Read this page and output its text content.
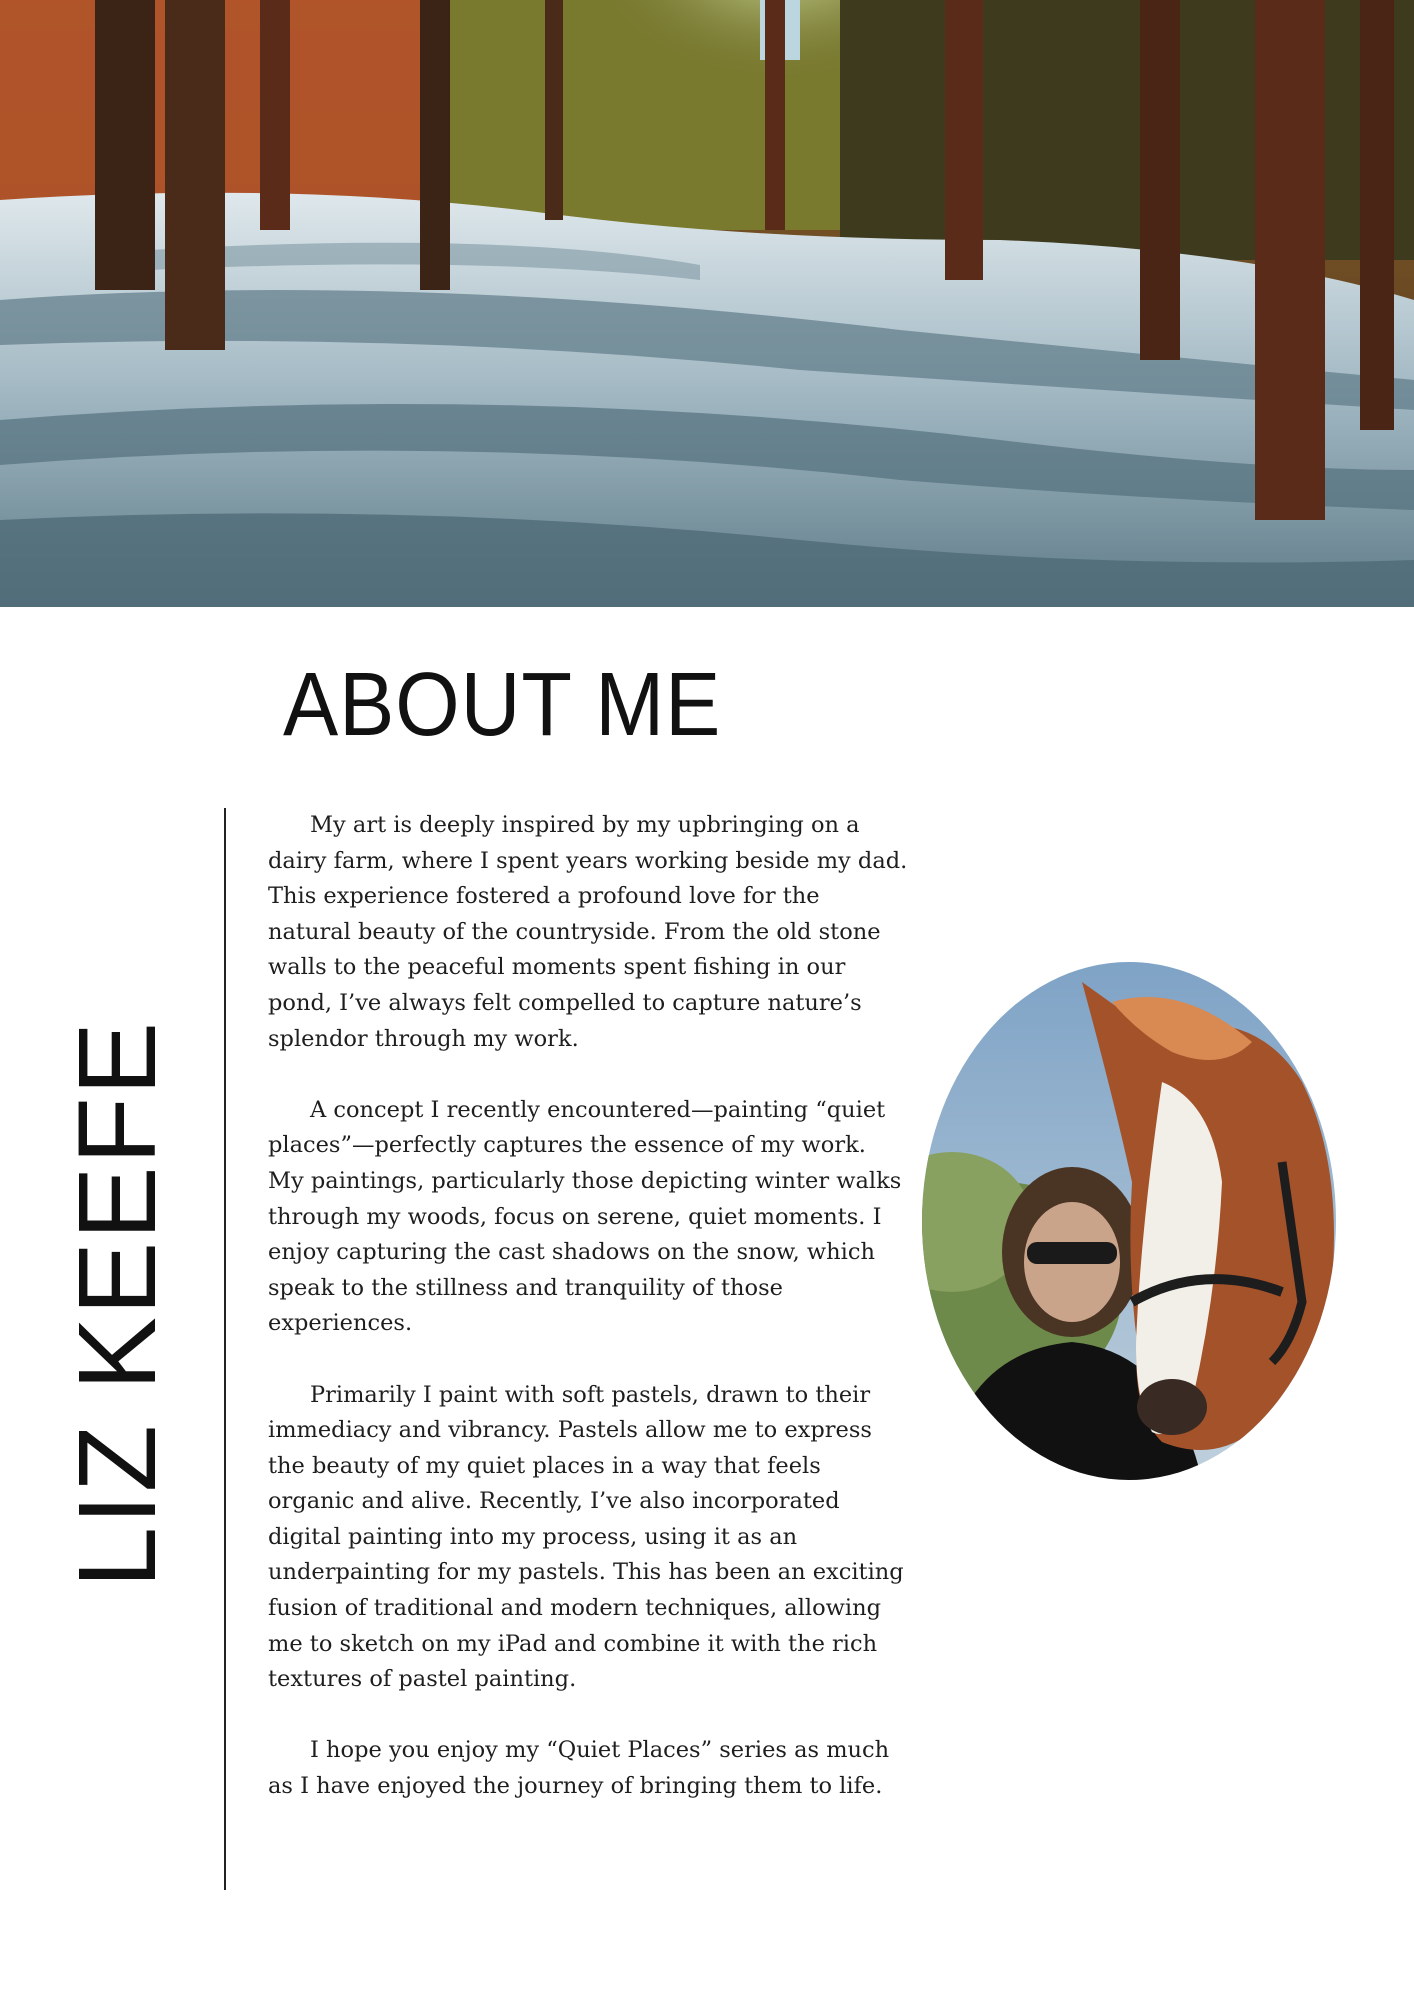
ABOUT ME
LIZ KEEFE

My art is deeply inspired by my upbringing on a dairy farm, where I spent years working beside my dad. This experience fostered a profound love for the natural beauty of the countryside. From the old stone walls to the peaceful moments spent fishing in our pond, I’ve always felt compelled to capture nature’s splendor through my work.

A concept I recently encountered—painting “quiet places”—perfectly captures the essence of my work. My paintings, particularly those depicting winter walks through my woods, focus on serene, quiet moments. I enjoy capturing the cast shadows on the snow, which speak to the stillness and tranquility of those experiences.

Primarily I paint with soft pastels, drawn to their immediacy and vibrancy. Pastels allow me to express the beauty of my quiet places in a way that feels organic and alive. Recently, I’ve also incorporated digital painting into my process, using it as an underpainting for my pastels. This has been an exciting fusion of traditional and modern techniques, allowing me to sketch on my iPad and combine it with the rich textures of pastel painting.

I hope you enjoy my “Quiet Places” series as much as I have enjoyed the journey of bringing them to life.
